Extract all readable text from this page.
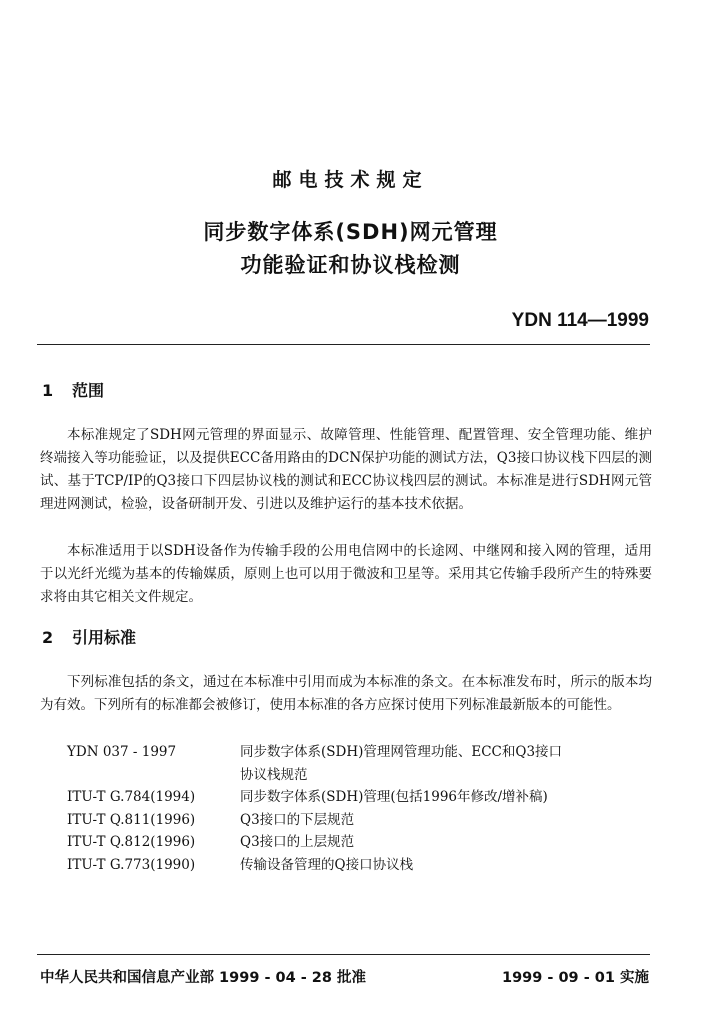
邮电技术规定
同步数字体系(SDH)网元管理
功能验证和协议栈检测
YDN 114—1999
1 范围
本标准规定了SDH网元管理的界面显示、故障管理、性能管理、配置管理、安全管理功能、维护终端接入等功能验证，以及提供ECC备用路由的DCN保护功能的测试方法，Q3接口协议栈下四层的测试、基于TCP/IP的Q3接口下四层协议栈的测试和ECC协议栈四层的测试。本标准是进行SDH网元管理进网测试，检验，设备研制开发、引进以及维护运行的基本技术依据。
本标准适用于以SDH设备作为传输手段的公用电信网中的长途网、中继网和接入网的管理，适用于以光纤光缆为基本的传输媒质，原则上也可以用于微波和卫星等。采用其它传输手段所产生的特殊要求将由其它相关文件规定。
2 引用标准
下列标准包括的条文，通过在本标准中引用而成为本标准的条文。在本标准发布时，所示的版本均为有效。下列所有的标准都会被修订，使用本标准的各方应探讨使用下列标准最新版本的可能性。
YDN 037 - 1997	同步数字体系(SDH)管理网管理功能、ECC和Q3接口
协议栈规范
ITU-T G.784(1994)	同步数字体系(SDH)管理(包括1996年修改/增补稿)
ITU-T Q.811(1996)	Q3接口的下层规范
ITU-T Q.812(1996)	Q3接口的上层规范
ITU-T G.773(1990)	传输设备管理的Q接口协议栈
中华人民共和国信息产业部 1999 - 04 - 28 批准	1999 - 09 - 01 实施
